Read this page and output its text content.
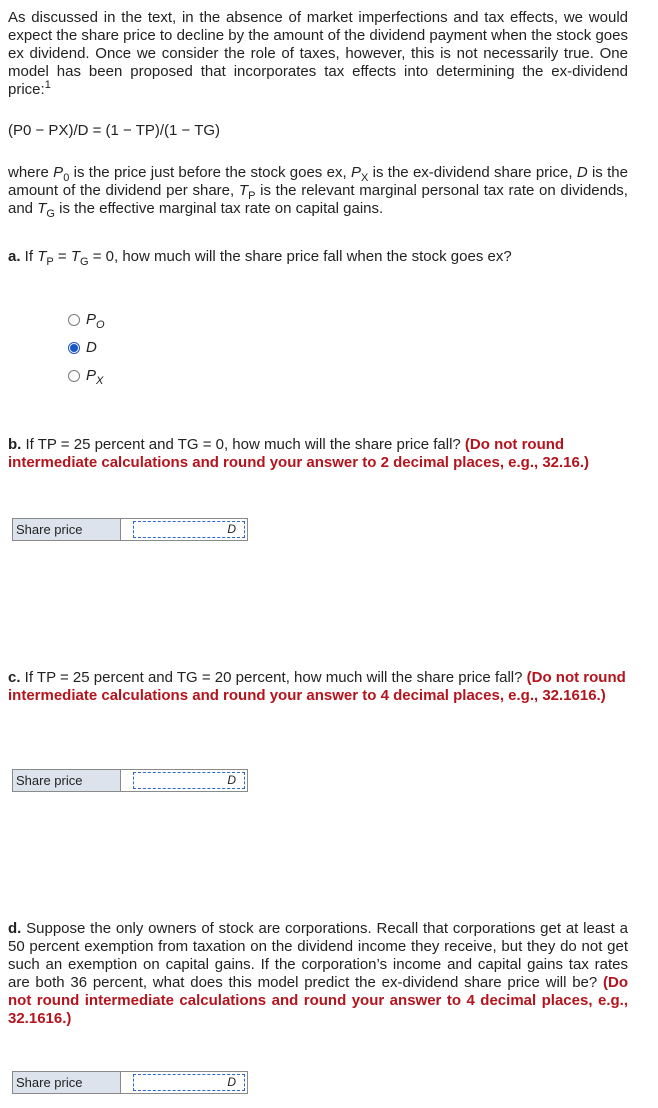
As discussed in the text, in the absence of market imperfections and tax effects, we would expect the share price to decline by the amount of the dividend payment when the stock goes ex dividend. Once we consider the role of taxes, however, this is not necessarily true. One model has been proposed that incorporates tax effects into determining the ex-dividend price:$^1$
(P0 − PX)/D = (1 − TP)/(1 − TG)
where $P_0$ is the price just before the stock goes ex, $P_X$ is the ex-dividend share price, D is the amount of the dividend per share, $T_P$ is the relevant marginal personal tax rate on dividends, and $T_G$ is the effective marginal tax rate on capital gains.
a. If $T_P = T_G = 0$, how much will the share price fall when the stock goes ex?
$P_O$
D
$P_X$
b. If TP = 25 percent and TG = 0, how much will the share price fall? (Do not round intermediate calculations and round your answer to 2 decimal places, e.g., 32.16.)
Share price	D
c. If TP = 25 percent and TG = 20 percent, how much will the share price fall? (Do not round intermediate calculations and round your answer to 4 decimal places, e.g., 32.1616.)
Share price	D
d. Suppose the only owners of stock are corporations. Recall that corporations get at least a 50 percent exemption from taxation on the dividend income they receive, but they do not get such an exemption on capital gains. If the corporation’s income and capital gains tax rates are both 36 percent, what does this model predict the ex-dividend share price will be? (Do not round intermediate calculations and round your answer to 4 decimal places, e.g., 32.1616.)
Share price	D
